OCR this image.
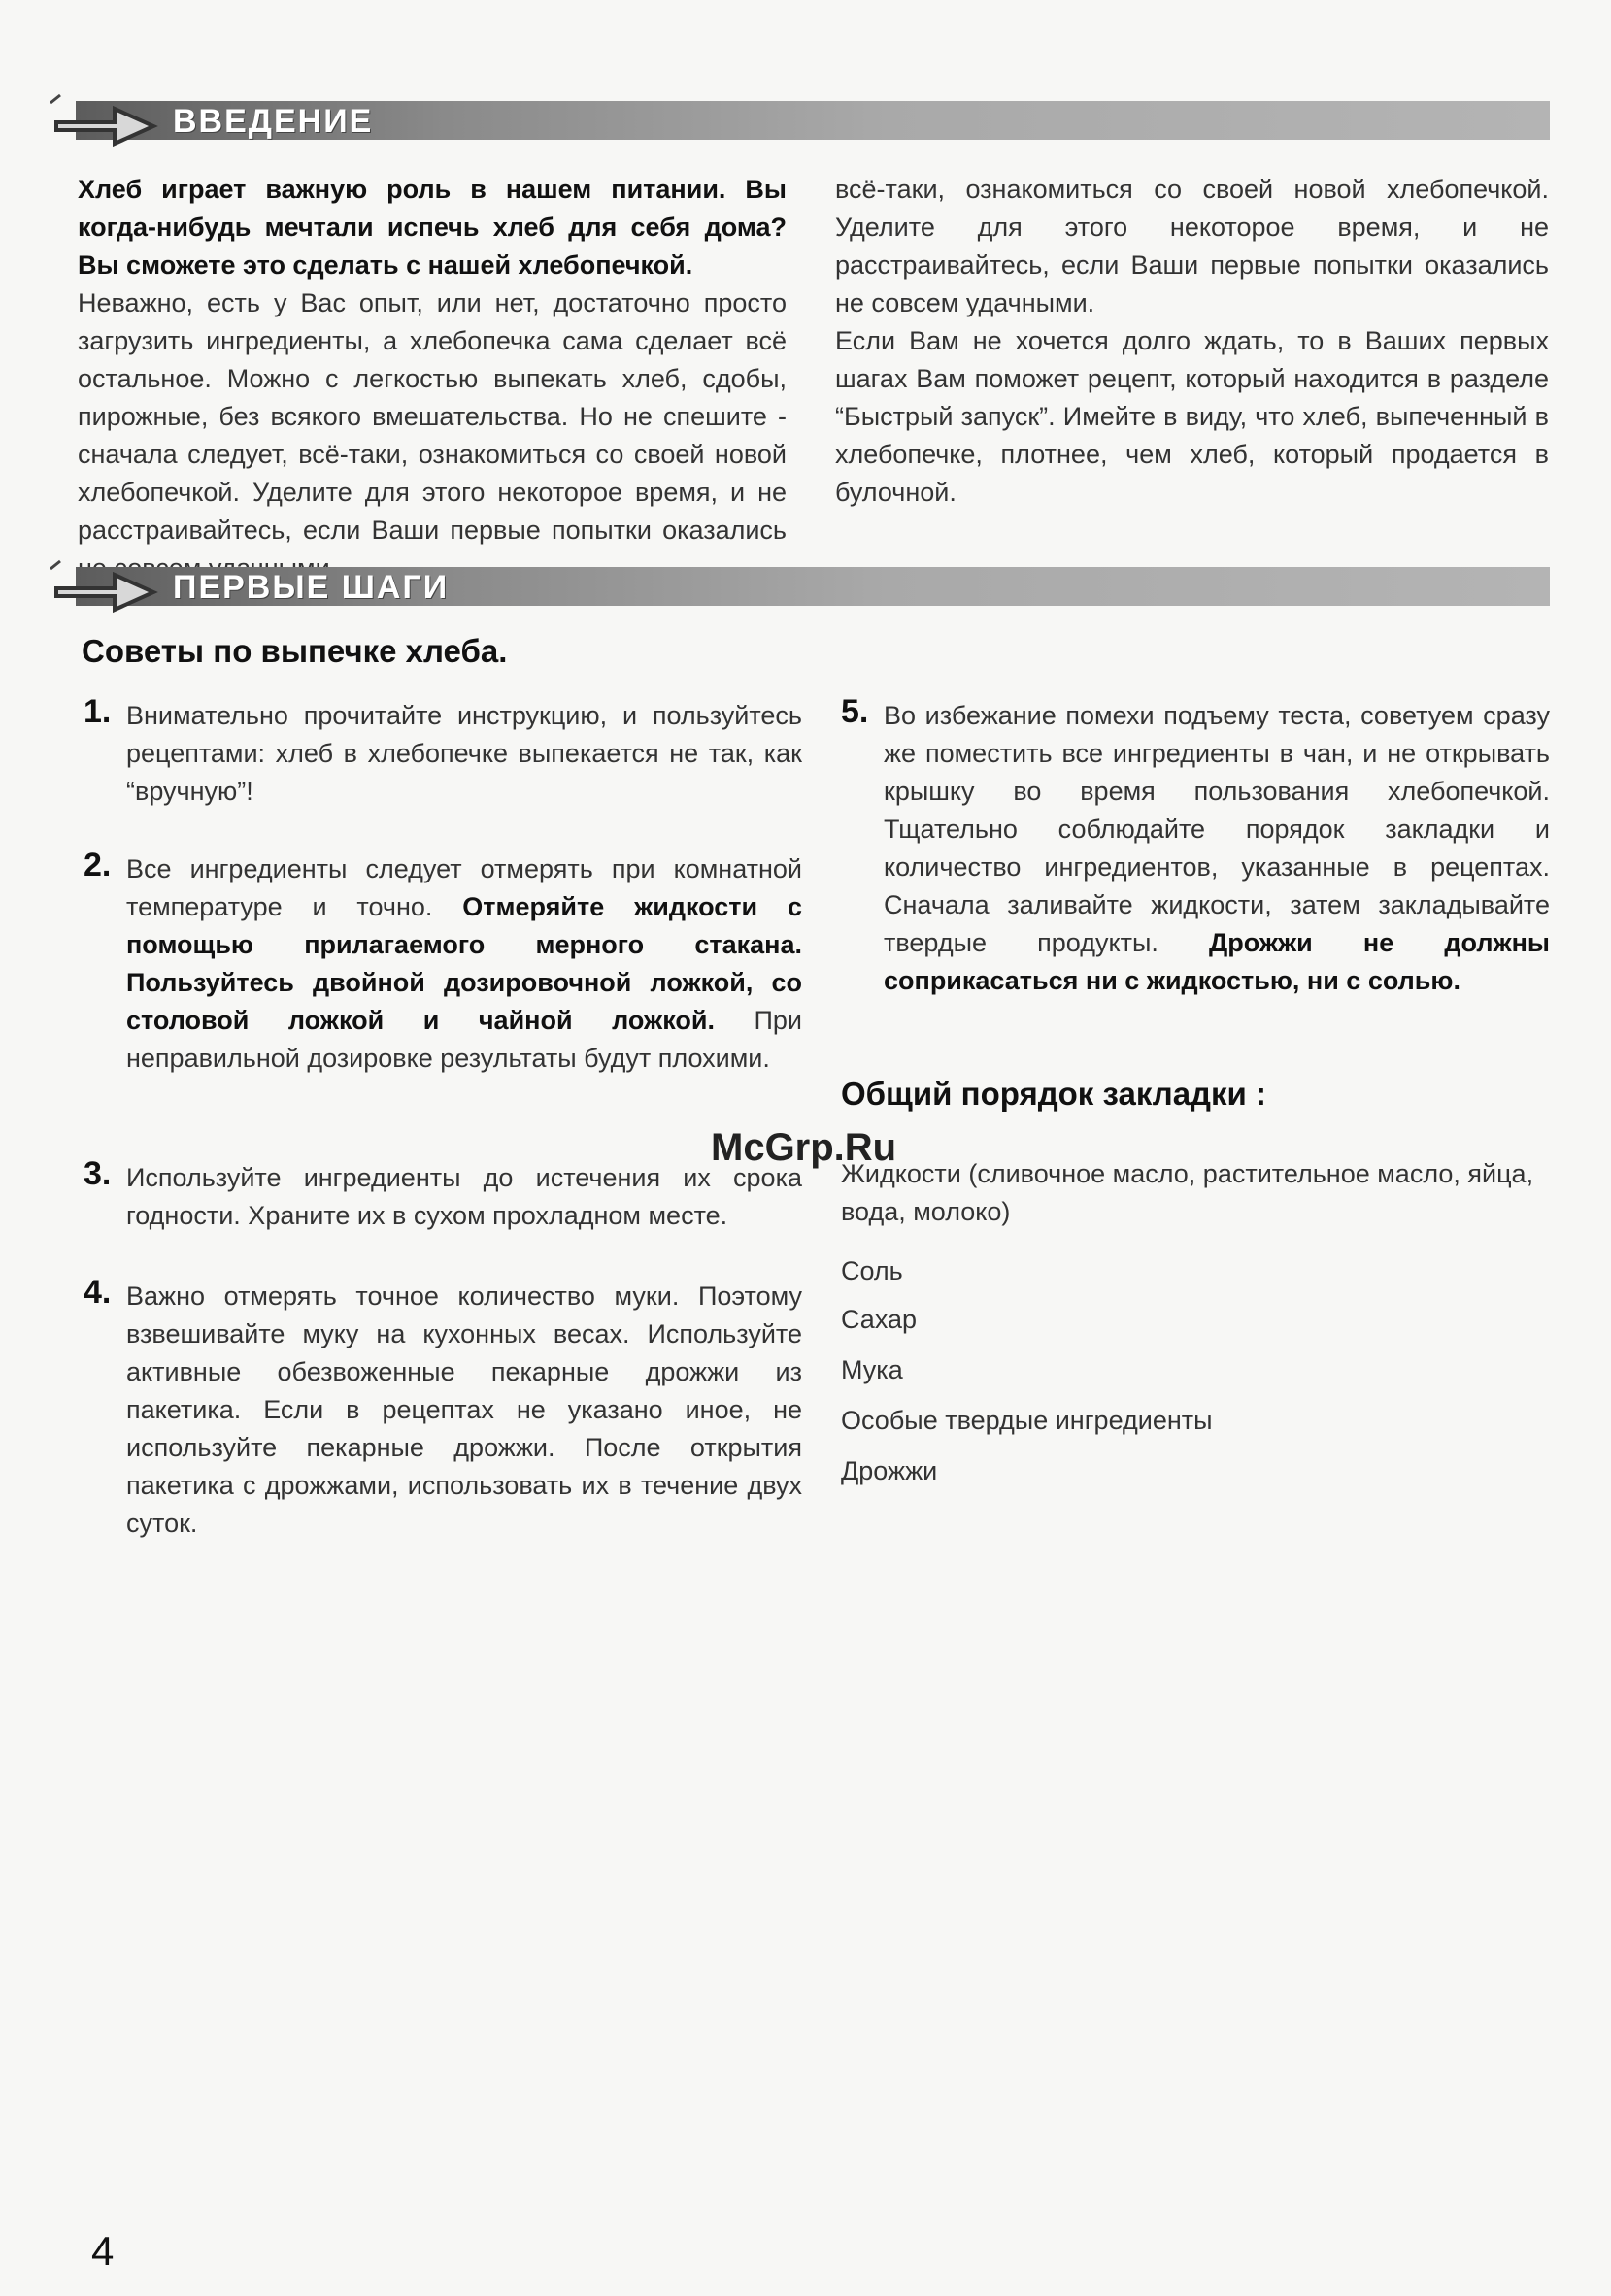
ВВЕДЕНИЕ

Хлеб играет важную роль в нашем питании. Вы когда-нибудь мечтали испечь хлеб для себя дома? Вы сможете это сделать с нашей хлебопечкой.

Неважно, есть у Вас опыт, или нет, достаточно просто загрузить ингредиенты, а хлебопечка сама сделает всё остальное. Можно с легкостью выпекать хлеб, сдобы, пирожные, без всякого вмешательства. Но не спешите - сначала следует, всё-таки, ознакомиться со своей новой хлебопечкой. Уделите для этого некоторое время, и не расстраивайтесь, если Ваши первые попытки оказались

всё-таки, ознакомиться со своей новой хлебопечкой. Уделите для этого некоторое время, и не расстраивайтесь, если Ваши первые попытки оказались не совсем удачными.

Если Вам не хочется долго ждать, то в Ваших первых шагах Вам поможет рецепт, который находится в разделе “Быстрый запуск”. Имейте в виду, что хлеб, выпеченный в хлебопечке, плотнее, чем хлеб, который продается в булочной.

ПЕРВЫЕ ШАГИ
Советы по выпечке хлеба.
1. Внимательно прочитайте инструкцию, и пользуйтесь рецептами: хлеб в хлебопечке выпекается не так, как “вручную”!
2. Все ингредиенты следует отмерять при комнатной температуре и точно. Отмеряйте жидкости с помощью прилагаемого мерного стакана. Пользуйтесь двойной дозировочной ложкой, со столовой ложкой и чайной ложкой. При неправильной дозировке результаты будут плохими.
3. Используйте ингредиенты до истечения их срока годности. Храните их в сухом прохладном месте.
4. Важно отмерять точное количество муки. Поэтому взвешивайте муку на кухонных весах. Используйте активные обезвоженные пекарные дрожжи из пакетика. Если в рецептах не указано иное, не используйте пекарные дрожжи. После открытия пакетика с дрожжами, использовать их в течение двух суток.
5. Во избежание помехи подъему теста, советуем сразу же поместить все ингредиенты в чан, и не открывать крышку во время пользования хлебопечкой. Тщательно соблюдайте порядок закладки и количество ингредиентов, указанные в рецептах. Сначала заливайте жидкости, затем закладывайте твердые продукты. Дрожжи не должны соприкасаться ни с жидкостью, ни с солью.
Общий порядок закладки :
McGrp.Ru
Жидкости (сливочное масло, растительное масло, яйца, вода, молоко)
Соль
Сахар
Мука
Особые твердые ингредиенты
Дрожжи
4
